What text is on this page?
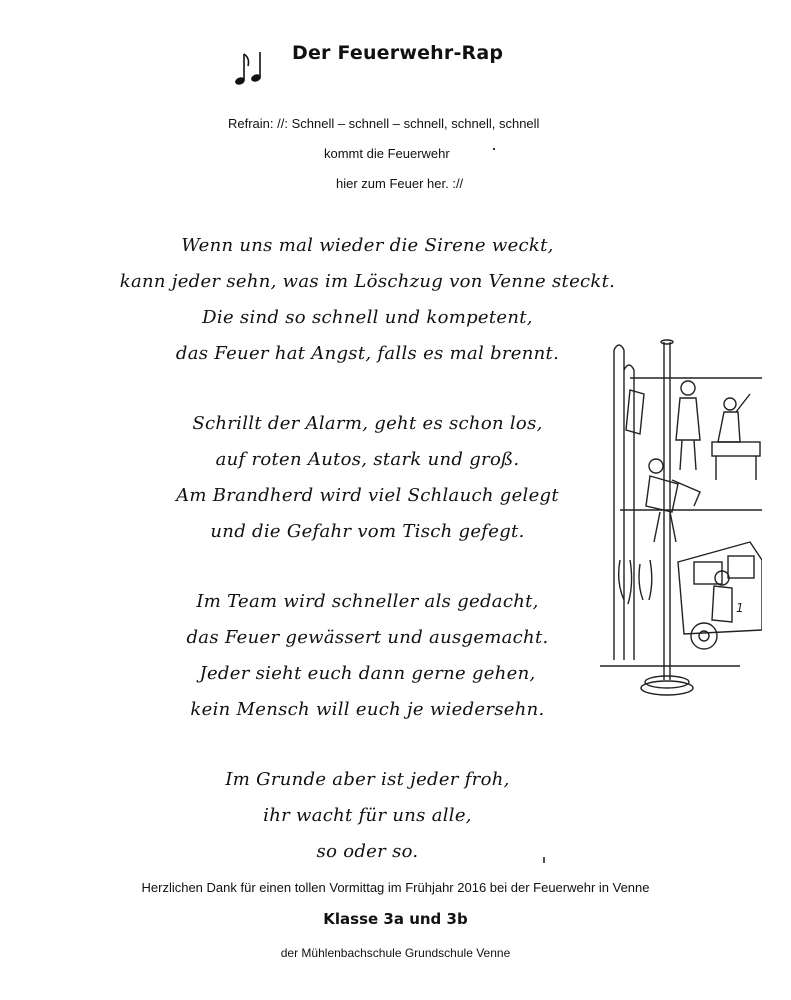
Der Feuerwehr-Rap
Refrain: //: Schnell – schnell – schnell, schnell, schnell
kommt die Feuerwehr
hier zum Feuer her. ://
Wenn uns mal wieder die Sirene weckt,
kann jeder sehn, was im Löschzug von Venne steckt.
Die sind so schnell und kompetent,
das Feuer hat Angst, falls es mal brennt.
Schrillt der Alarm, geht es schon los,
auf roten Autos, stark und groß.
Am Brandherd wird viel Schlauch gelegt
und die Gefahr vom Tisch gefegt.
Im Team wird schneller als gedacht,
das Feuer gewässert und ausgemacht.
Jeder sieht euch dann gerne gehen,
kein Mensch will euch je wiedersehn.
Im Grunde aber ist jeder froh,
ihr wacht für uns alle,
so oder so.
1
Herzlichen Dank für einen tollen Vormittag im Frühjahr 2016 bei der Feuerwehr in Venne
Klasse 3a und 3b
der Mühlenbachschule Grundschule Venne
